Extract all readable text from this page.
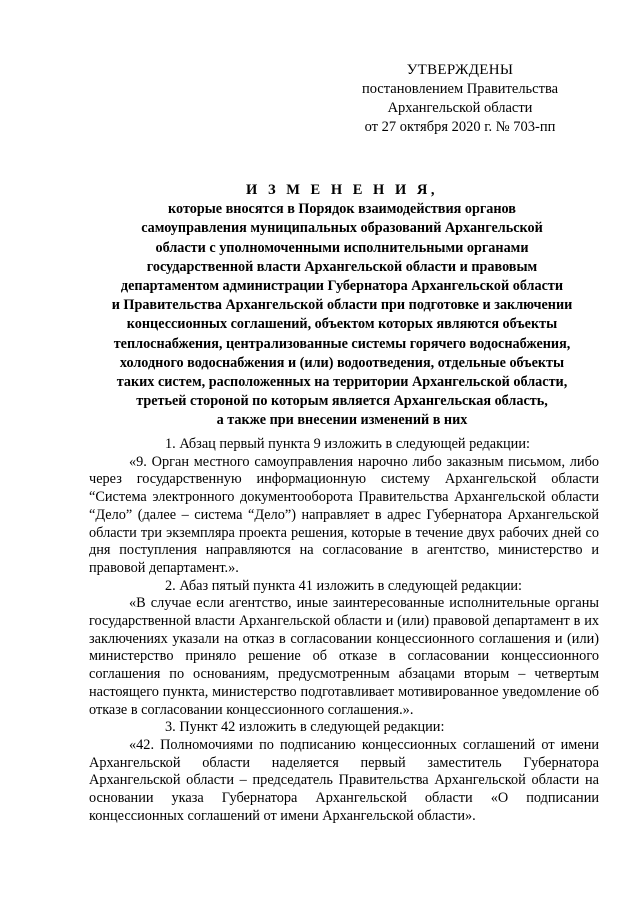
УТВЕРЖДЕНЫ
постановлением Правительства
Архангельской области
от 27 октября 2020 г. № 703-пп
И З М Е Н Е Н И Я,
которые вносятся в Порядок взаимодействия органов
самоуправления муниципальных образований Архангельской
области с уполномоченными исполнительными органами
государственной власти Архангельской области и правовым
департаментом администрации Губернатора Архангельской области
и Правительства Архангельской области при подготовке и заключении
концессионных соглашений, объектом которых являются объекты
теплоснабжения, централизованные системы горячего водоснабжения,
холодного водоснабжения и (или) водоотведения, отдельные объекты
таких систем, расположенных на территории Архангельской области,
третьей стороной по которым является Архангельская область,
а также при внесении изменений в них

1. Абзац первый пункта 9 изложить в следующей редакции:

«9. Орган местного самоуправления нарочно либо заказным письмом, либо через государственную информационную систему Архангельской области “Система электронного документооборота Правительства Архангельской области “Дело” (далее – система “Дело”) направляет в адрес Губернатора Архангельской области три экземпляра проекта решения, которые в течение двух рабочих дней со дня поступления направляются на согласование в агентство, министерство и правовой департамент.».

2. Абаз пятый пункта 41 изложить в следующей редакции:

«В случае если агентство, иные заинтересованные исполнительные органы государственной власти Архангельской области и (или) правовой департамент в их заключениях указали на отказ в согласовании концессионного соглашения и (или) министерство приняло решение об отказе в согласовании концессионного соглашения по основаниям, предусмотренным абзацами вторым – четвертым настоящего пункта, министерство подготавливает мотивированное уведомление об отказе в согласовании концессионного соглашения.».

3. Пункт 42 изложить в следующей редакции:

«42. Полномочиями по подписанию концессионных соглашений от имени Архангельской области наделяется первый заместитель Губернатора Архангельской области – председатель Правительства Архангельской области на основании указа Губернатора Архангельской области «О подписании концессионных соглашений от имени Архангельской области».
